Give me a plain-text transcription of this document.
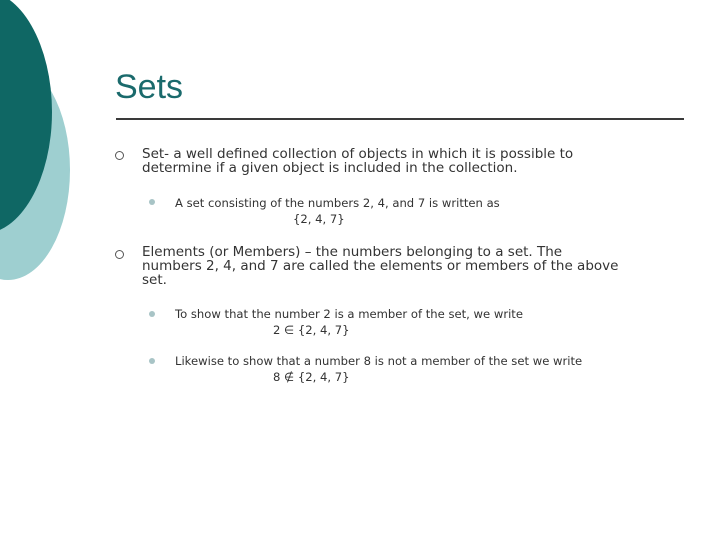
Sets
Set- a well defined collection of objects in which it is possible to
determine if a given object is included in the collection.
A set consisting of the numbers 2, 4, and 7 is written as
{2, 4, 7}
Elements (or Members) – the numbers belonging to a set. The
numbers 2, 4, and 7 are called the elements or members of the above
set.
To show that the number 2 is a member of the set, we write
2 ∈ {2, 4, 7}
Likewise to show that a number 8 is not a member of the set we write
8 ∉ {2, 4, 7}
